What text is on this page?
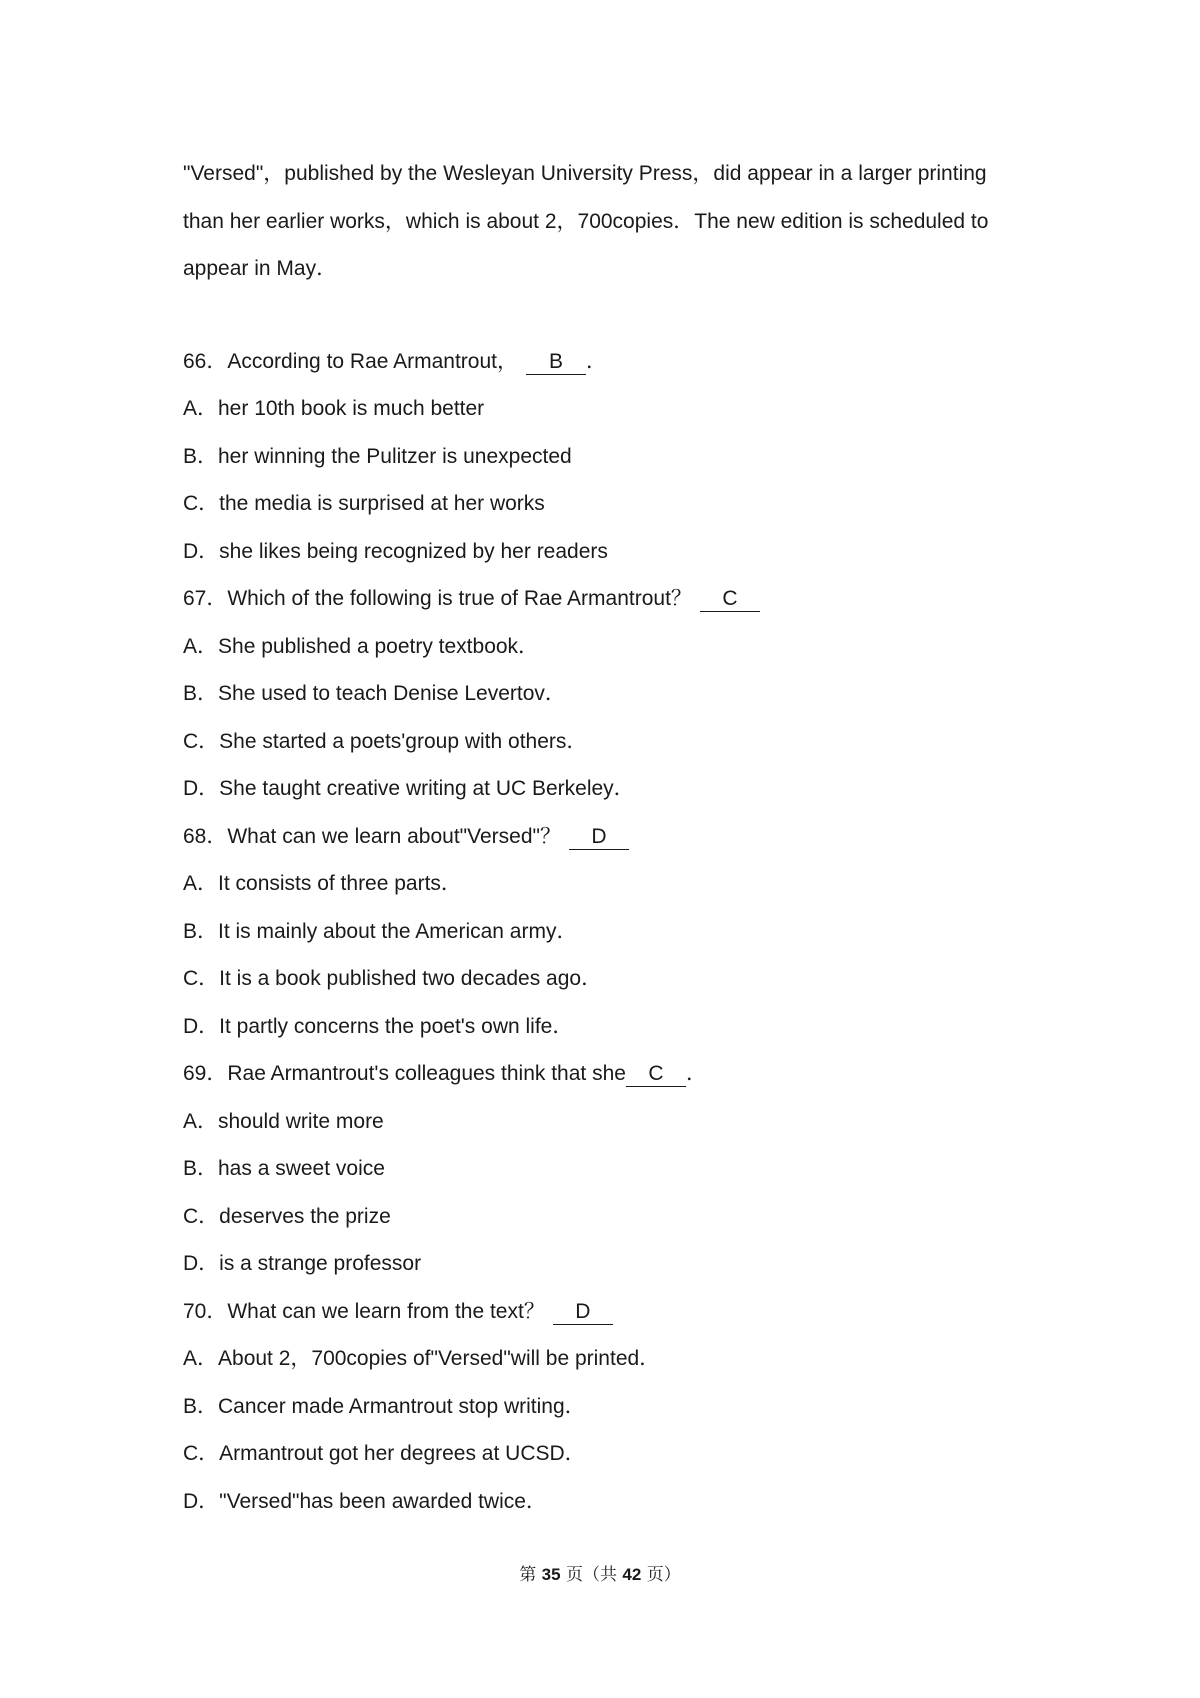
"Versed"，published by the Wesleyan University Press，did appear in a larger printing
than her earlier works，which is about 2，700copies．The new edition is scheduled to
appear in May．

66．According to Rae Armantrout， B ．

A．her 10th book is much better

B．her winning the Pulitzer is unexpected

C．the media is surprised at her works

D．she likes being recognized by her readers

67．Which of the following is true of Rae Armantrout？ C

A．She published a poetry textbook．

B．She used to teach Denise Levertov．

C．She started a poets'group with others．

D．She taught creative writing at UC Berkeley．

68．What can we learn about"Versed"？ D

A．It consists of three parts．

B．It is mainly about the American army．

C．It is a book published two decades ago．

D．It partly concerns the poet's own life．

69．Rae Armantrout's colleagues think that she C ．

A．should write more

B．has a sweet voice

C．deserves the prize

D．is a strange professor

70．What can we learn from the text？ D

A．About 2，700copies of"Versed"will be printed．

B．Cancer made Armantrout stop writing．

C．Armantrout got her degrees at UCSD．

D．"Versed"has been awarded twice．

第 35 页（共 42 页）
